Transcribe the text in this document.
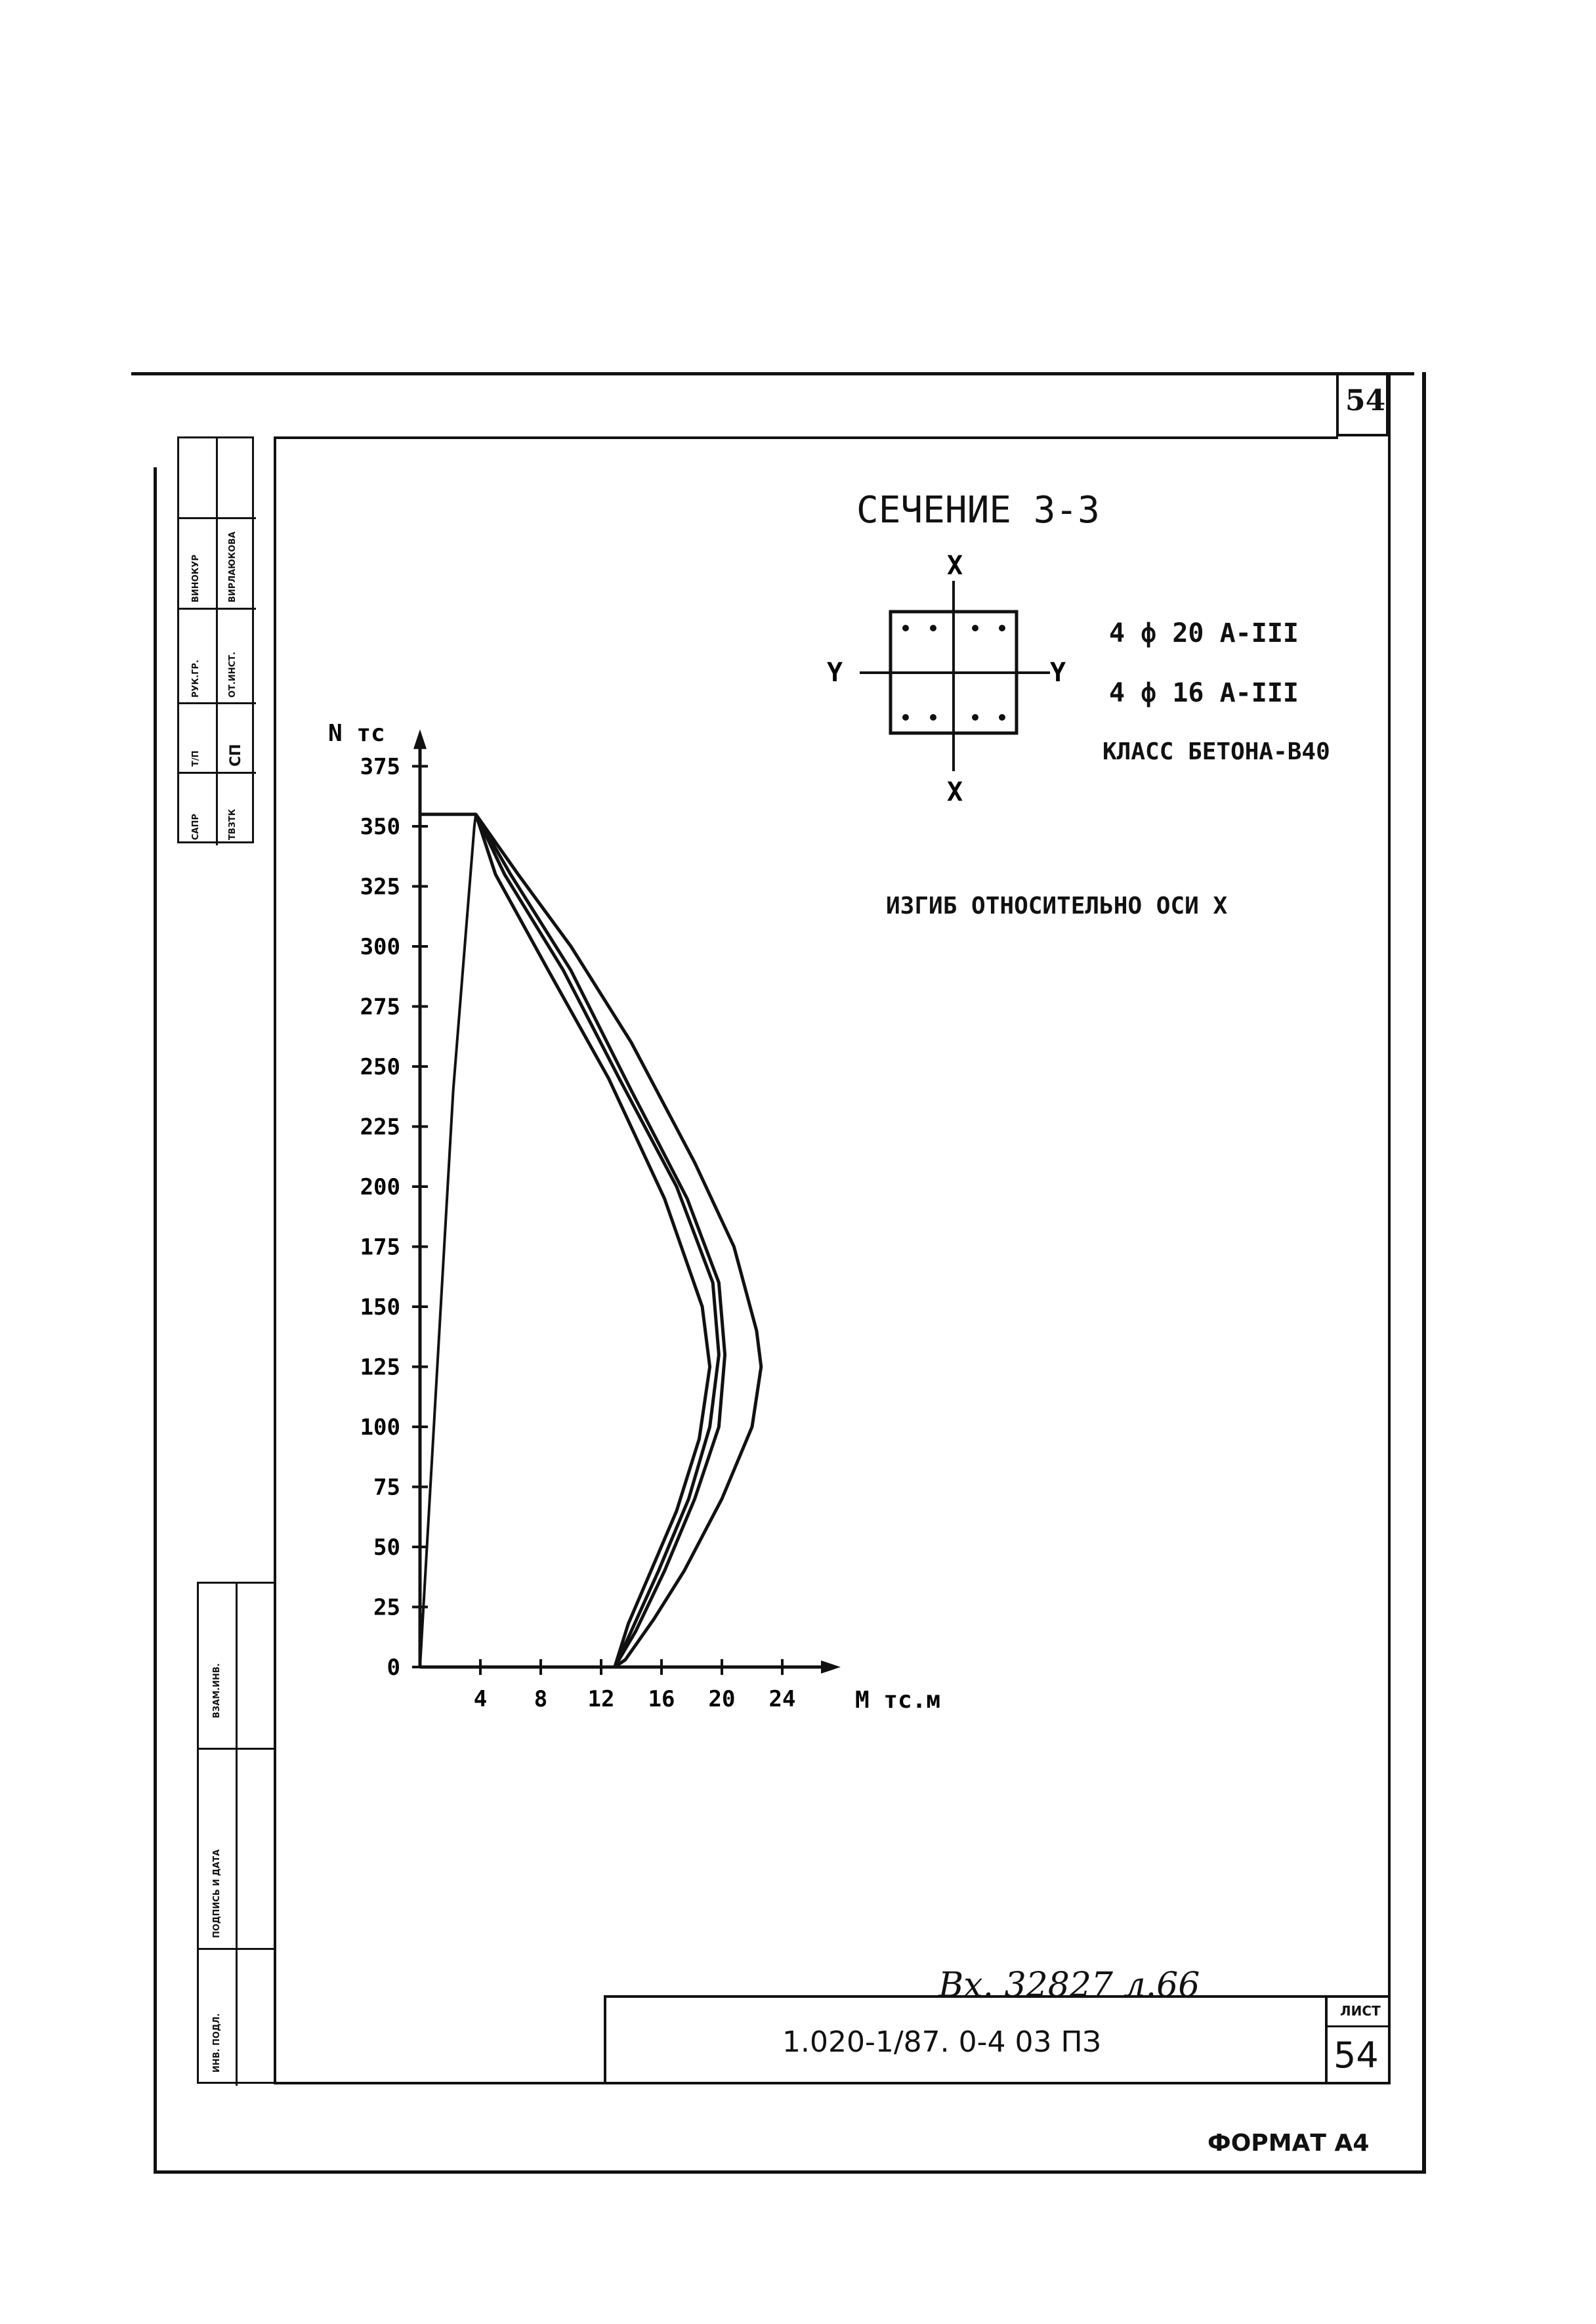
54
ВИНОКУР
РУК.ГР.
Т/П
САПР
ВИРЛАЮКОВА
ОТ.ИНСТ.
СП
ТВЗТК
ВЗАМ.ИНВ.
ПОДПИСЬ И ДАТА
ИНВ. ПОДЛ.
СЕЧЕНИЕ 3-3
X
X
Y	Y
4 ф 20 A-III
4 ф 16 A-III
КЛАСС БЕТОНА-В40
ИЗГИБ ОТНОСИТЕЛЬНО ОСИ X
0
25
50
75
100
125
150
175
200
225
250
275
300
325
350
375
4 8 12 16 20 24
N тс
M тс.м
Вх. 32827 л.66
1.020-1/87. 0-4 03 ПЗ
ЛИСТ
54
ФОРМАТ А4
